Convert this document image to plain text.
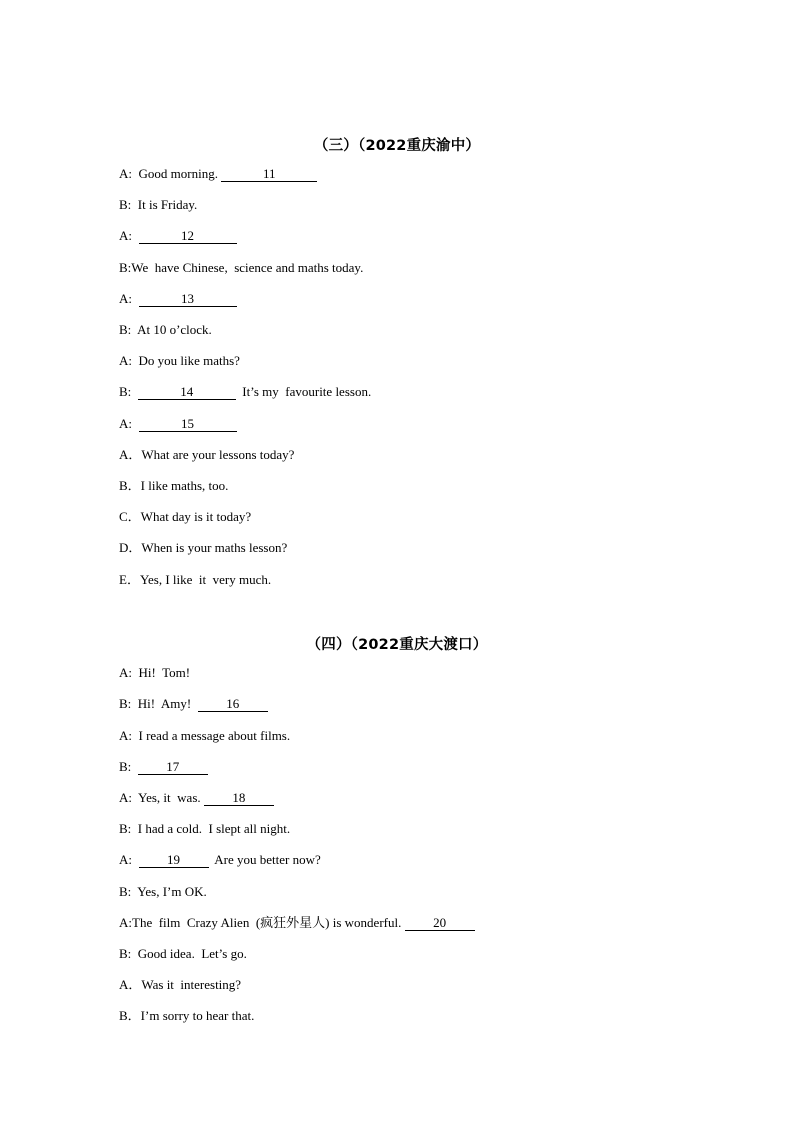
（三）（2022重庆渝中）
A:  Good morning.	11
B:  It is Friday.
A:	12
B:We  have Chinese,  science and maths today.
A:	13
B:  At 10 o’clock.
A:  Do you like maths?
B:	14	It’s my  favourite lesson.
A:	15
A．What are your lessons today?
B．I like maths, too.
C．What day is it today?
D．When is your maths lesson?
E．Yes, I like  it  very much.
（四）（2022重庆大渡口）
A:  Hi!  Tom!
B:  Hi!  Amy!  16
A:  I read a message about films.
B:  17
A:  Yes, it  was. 18
B:  I had a cold.  I slept all night.
A:  19  Are you better now?
B:  Yes, I’m OK.
A:The  film  Crazy Alien  (疯狂外星人) is wonderful. 20
B:  Good idea.  Let’s go.
A．Was it  interesting?
B．I’m sorry to hear that.
